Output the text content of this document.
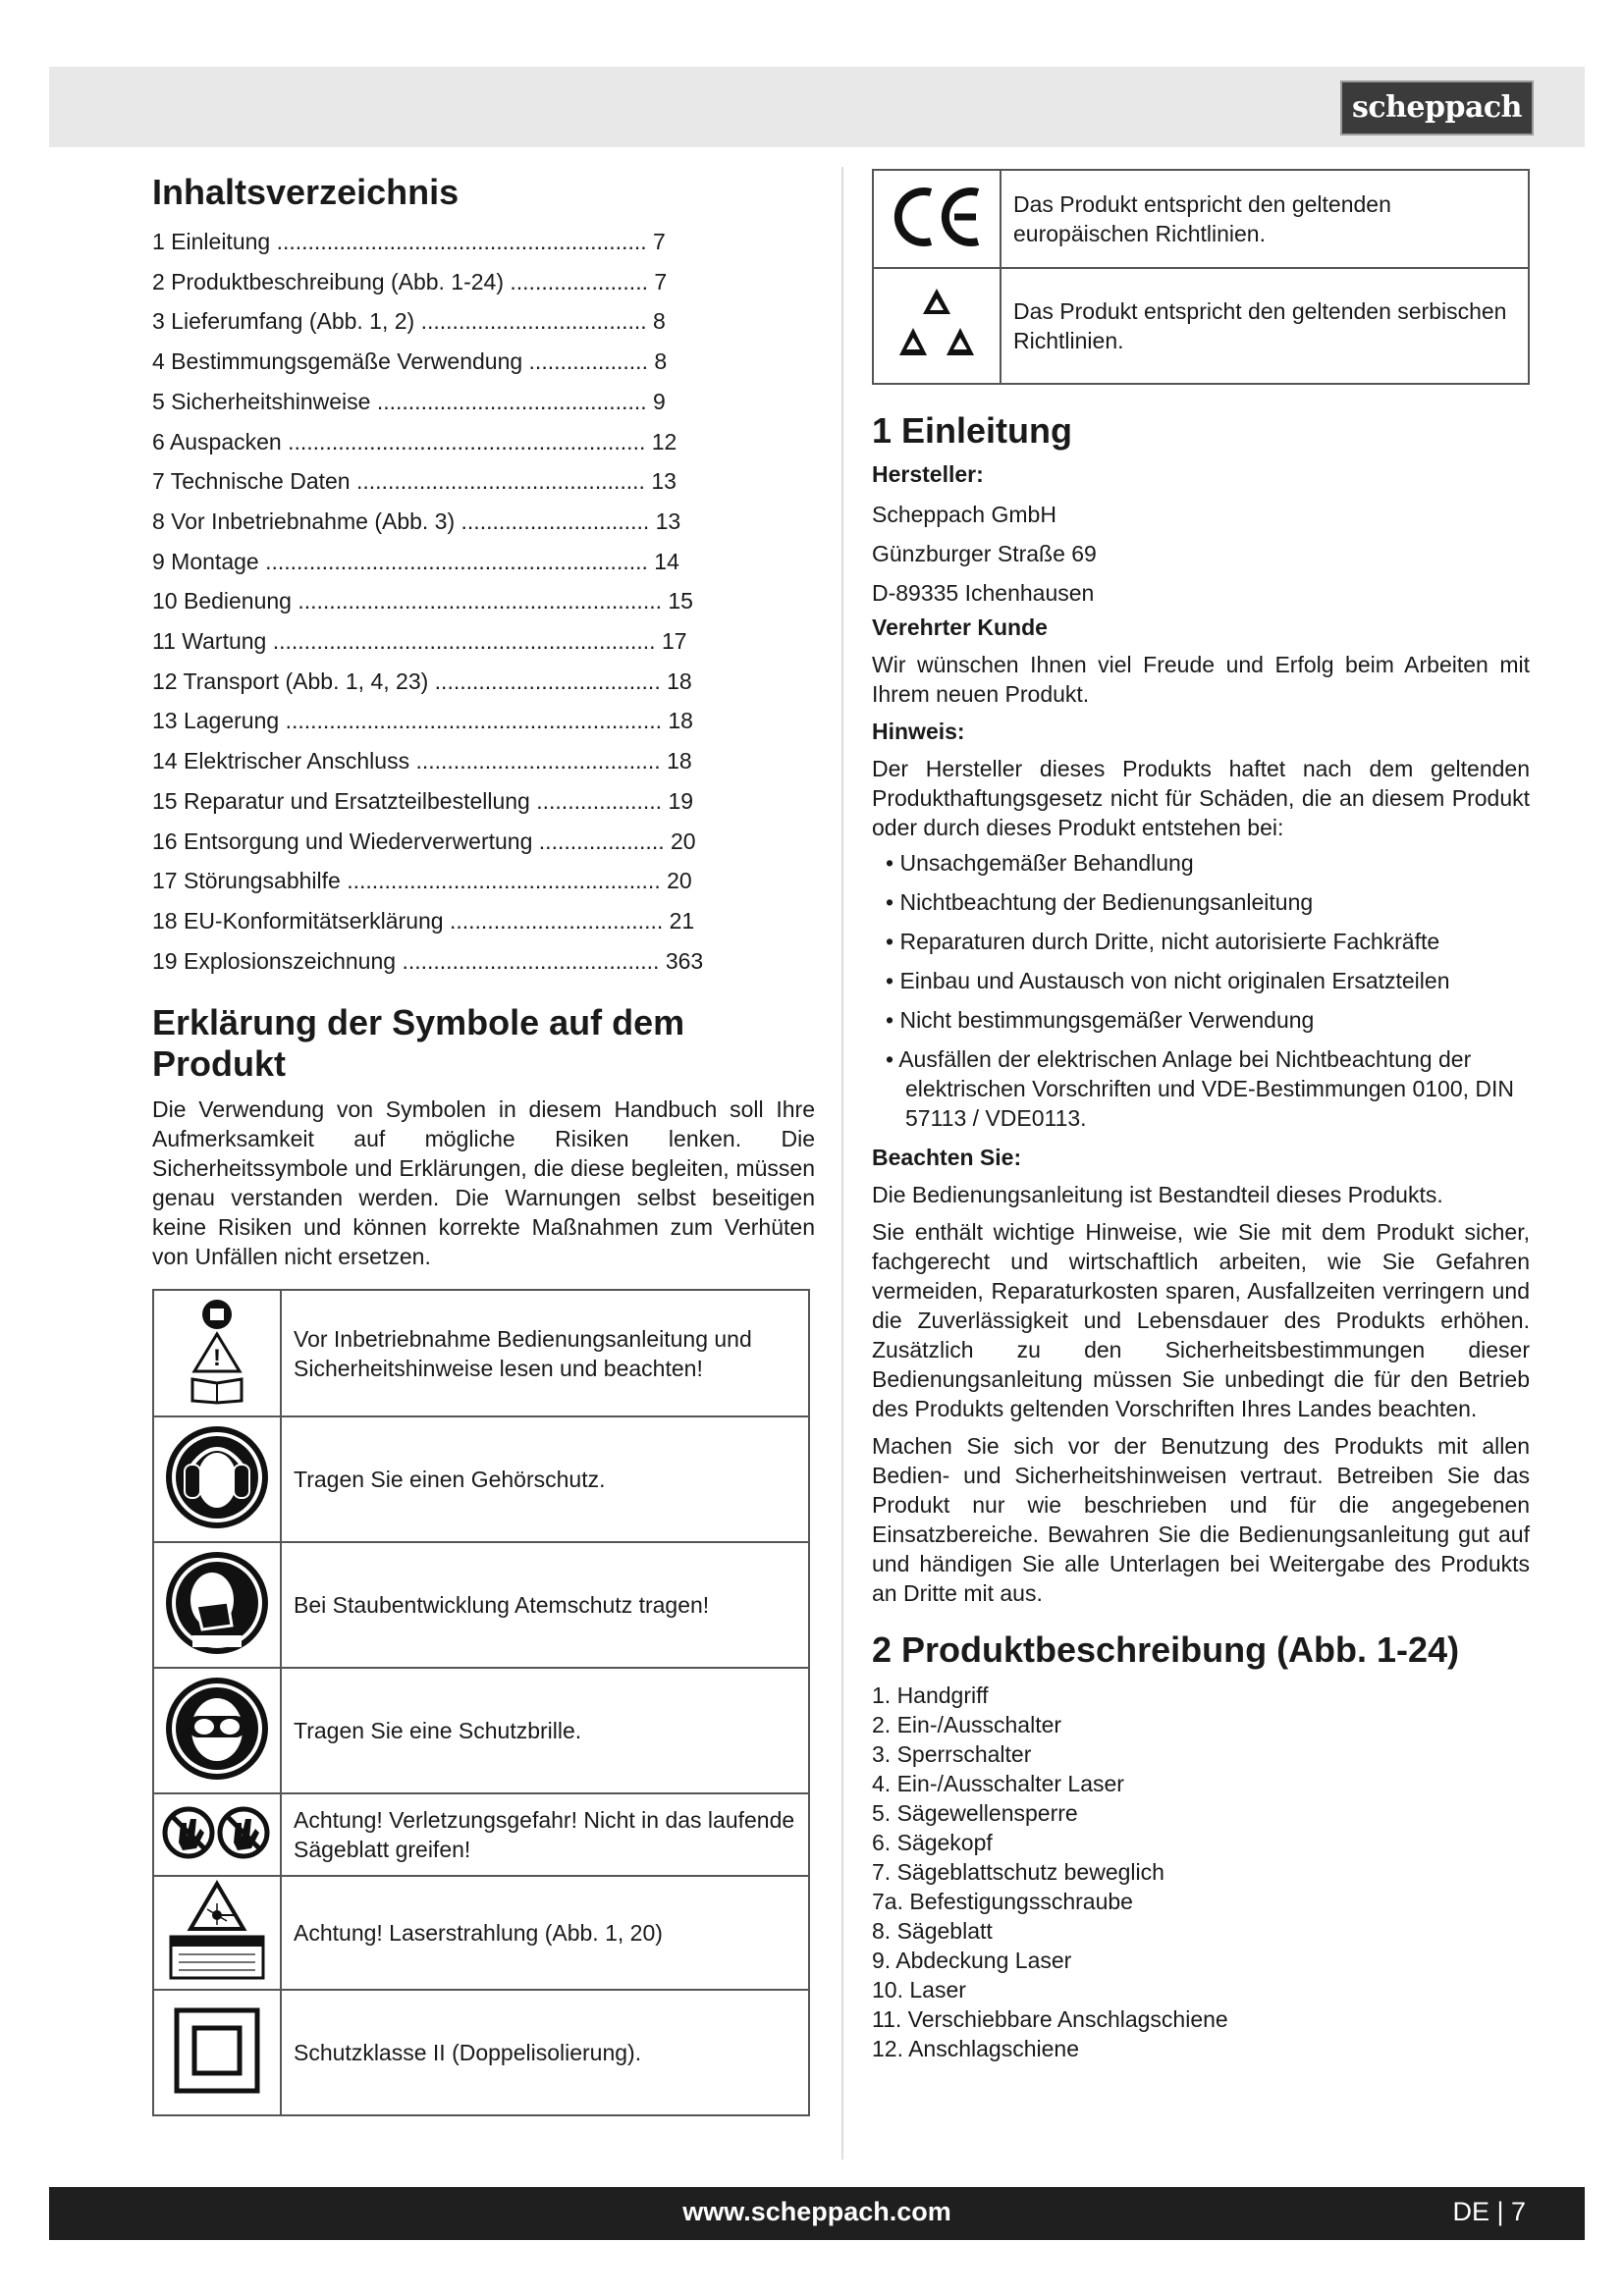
scheppach
Inhaltsverzeichnis
1 Einleitung ........................................................... 7
2 Produktbeschreibung (Abb. 1-24) ...................... 7
3 Lieferumfang (Abb. 1, 2) .................................... 8
4 Bestimmungsgemäße Verwendung ................... 8
5 Sicherheitshinweise ........................................... 9
6 Auspacken ......................................................... 12
7 Technische Daten .............................................. 13
8 Vor Inbetriebnahme (Abb. 3) .............................. 13
9 Montage ............................................................. 14
10 Bedienung .......................................................... 15
11 Wartung ............................................................. 17
12 Transport (Abb. 1, 4, 23) .................................... 18
13 Lagerung ............................................................ 18
14 Elektrischer Anschluss ....................................... 18
15 Reparatur und Ersatzteilbestellung .................... 19
16 Entsorgung und Wiederverwertung .................... 20
17 Störungsabhilfe .................................................. 20
18 EU-Konformitätserklärung .................................. 21
19 Explosionszeichnung ......................................... 363
Erklärung der Symbole auf dem Produkt

Die Verwendung von Symbolen in diesem Handbuch soll Ihre Aufmerksamkeit auf mögliche Risiken lenken. Die Sicherheitssymbole und Erklärungen, die diese begleiten, müssen genau verstanden werden. Die Warnungen selbst beseitigen keine Risiken und können korrekte Maßnahmen zum Verhüten von Unfällen nicht ersetzen.

!	Vor Inbetriebnahme Bedienungsanleitung und Sicherheitshinweise lesen und beachten!
	Tragen Sie einen Gehörschutz.
	Bei Staubentwicklung Atemschutz tragen!
	Tragen Sie eine Schutzbrille.
	Achtung! Verletzungsgefahr! Nicht in das laufende Sägeblatt greifen!
	Achtung! Laserstrahlung (Abb. 1, 20)
	Schutzklasse II (Doppelisolierung).
	Das Produkt entspricht den geltenden europäischen Richtlinien.
	Das Produkt entspricht den geltenden serbischen Richtlinien.
1 Einleitung
Hersteller:
Scheppach GmbH
Günzburger Straße 69
D-89335 Ichenhausen
Verehrter Kunde

Wir wünschen Ihnen viel Freude und Erfolg beim Arbeiten mit Ihrem neuen Produkt.

Hinweis:

Der Hersteller dieses Produkts haftet nach dem geltenden Produkthaftungsgesetz nicht für Schäden, die an diesem Produkt oder durch dieses Produkt entstehen bei:

• Unsachgemäßer Behandlung
• Nichtbeachtung der Bedienungsanleitung
• Reparaturen durch Dritte, nicht autorisierte Fachkräfte
• Einbau und Austausch von nicht originalen Ersatzteilen
• Nicht bestimmungsgemäßer Verwendung
• Ausfällen der elektrischen Anlage bei Nichtbeachtung der elektrischen Vorschriften und VDE-Bestimmungen 0100, DIN 57113 / VDE0113.
Beachten Sie:

Die Bedienungsanleitung ist Bestandteil dieses Produkts.

Sie enthält wichtige Hinweise, wie Sie mit dem Produkt sicher, fachgerecht und wirtschaftlich arbeiten, wie Sie Gefahren vermeiden, Reparaturkosten sparen, Ausfallzeiten verringern und die Zuverlässigkeit und Lebensdauer des Produkts erhöhen. Zusätzlich zu den Sicherheitsbestimmungen dieser Bedienungsanleitung müssen Sie unbedingt die für den Betrieb des Produkts geltenden Vorschriften Ihres Landes beachten.

Machen Sie sich vor der Benutzung des Produkts mit allen Bedien- und Sicherheitshinweisen vertraut. Betreiben Sie das Produkt nur wie beschrieben und für die angegebenen Einsatzbereiche. Bewahren Sie die Bedienungsanleitung gut auf und händigen Sie alle Unterlagen bei Weitergabe des Produkts an Dritte mit aus.

2 Produktbeschreibung (Abb. 1-24)
1. Handgriff
2. Ein-/Ausschalter
3. Sperrschalter
4. Ein-/Ausschalter Laser
5. Sägewellensperre
6. Sägekopf
7. Sägeblattschutz beweglich
7a. Befestigungsschraube
8. Sägeblatt
9. Abdeckung Laser
10. Laser
11. Verschiebbare Anschlagschiene
12. Anschlagschiene
www.scheppach.com	DE | 7
